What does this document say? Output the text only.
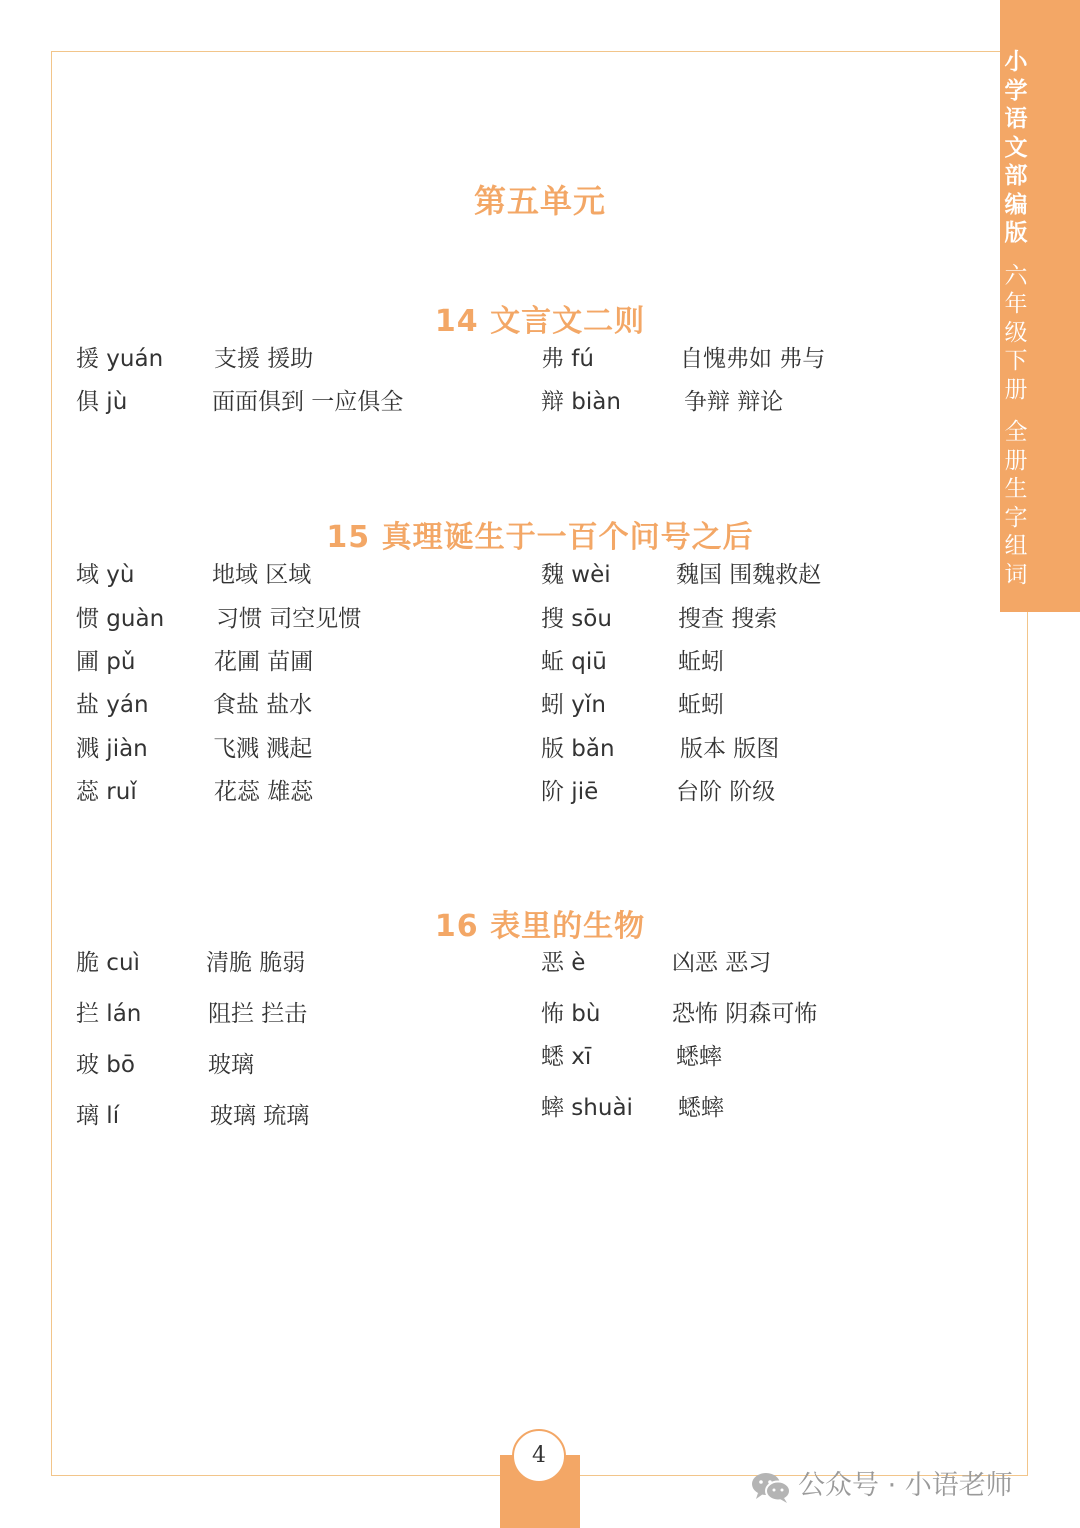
小学语文部编版
六年级下册
全册生字组词
第五单元
14 文言文二则
援 yuán 支援 援助	弗 fú	自愧弗如 弗与
俱 jù	面面俱到 一应俱全	辩 biàn	争辩 辩论
15 真理诞生于一百个问号之后
域 yù	地域 区域	魏 wèi	魏国 围魏救赵
惯 guàn 习惯 司空见惯	搜 sōu	搜查 搜索
圃 pǔ	花圃 苗圃	蚯 qiū	蚯蚓
盐 yán	食盐 盐水	蚓 yǐn	蚯蚓
溅 jiàn	飞溅 溅起	版 bǎn	版本 版图
蕊 ruǐ	花蕊 雄蕊	阶 jiē	台阶 阶级
16 表里的生物
脆 cuì	清脆 脆弱	恶 è	凶恶 恶习
拦 lán	阻拦 拦击	怖 bù	恐怖 阴森可怖
玻 bō	玻璃	蟋 xī	蟋蟀
璃 lí	玻璃 琉璃	蟀 shuài 蟋蟀
4
公众号 · 小语老师
